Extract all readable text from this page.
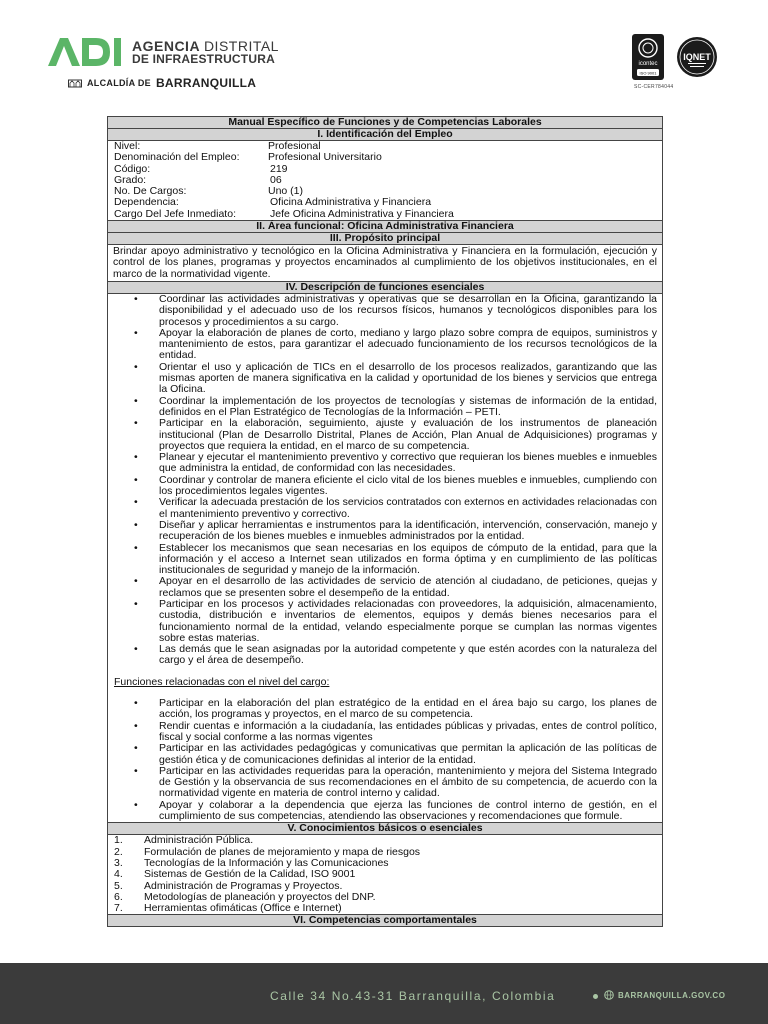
AGENCIA DISTRITAL
DE INFRAESTRUCTURA
ALCALDÍA DE BARRANQUILLA
icontec
ISO 9001
IQNET
SC-CER784044
Manual Específico de Funciones y de Competencias Laborales
I. Identificación del Empleo
Nivel:	Profesional
Denominación del Empleo:	Profesional Universitario
Código:	219
Grado:	06
No. De Cargos:	Uno (1)
Dependencia:	Oficina Administrativa y Financiera
Cargo Del Jefe Inmediato:	Jefe Oficina Administrativa y Financiera
II. Área funcional: Oficina Administrativa Financiera
III. Propósito principal
Brindar apoyo administrativo y tecnológico en la Oficina Administrativa y Financiera en la formulación, ejecución y control de los planes, programas y proyectos encaminados al cumplimiento de los objetivos institucionales, en el marco de la normatividad vigente.
IV. Descripción de funciones esenciales
• Coordinar las actividades administrativas y operativas que se desarrollan en la Oficina, garantizando la disponibilidad y el adecuado uso de los recursos físicos, humanos y tecnológicos disponibles para los procesos y procedimientos a su cargo.
• Apoyar la elaboración de planes de corto, mediano y largo plazo sobre compra de equipos, suministros y mantenimiento de estos, para garantizar el adecuado funcionamiento de los recursos tecnológicos de la entidad.
• Orientar el uso y aplicación de TICs en el desarrollo de los procesos realizados, garantizando que las mismas aporten de manera significativa en la calidad y oportunidad de los bienes y servicios que entrega la Oficina.
• Coordinar la implementación de los proyectos de tecnologías y sistemas de información de la entidad, definidos en el Plan Estratégico de Tecnologías de la Información – PETI.
• Participar en la elaboración, seguimiento, ajuste y evaluación de los instrumentos de planeación institucional (Plan de Desarrollo Distrital, Planes de Acción, Plan Anual de Adquisiciones) programas y proyectos que requiera la entidad, en el marco de su competencia.
• Planear y ejecutar el mantenimiento preventivo y correctivo que requieran los bienes muebles e inmuebles que administra la entidad, de conformidad con las necesidades.
• Coordinar y controlar de manera eficiente el ciclo vital de los bienes muebles e inmuebles, cumpliendo con los procedimientos legales vigentes.
• Verificar la adecuada prestación de los servicios contratados con externos en actividades relacionadas con el mantenimiento preventivo y correctivo.
• Diseñar y aplicar herramientas e instrumentos para la identificación, intervención, conservación, manejo y recuperación de los bienes muebles e inmuebles administrados por la entidad.
• Establecer los mecanismos que sean necesarias en los equipos de cómputo de la entidad, para que la información y el acceso a Internet sean utilizados en forma óptima y en cumplimiento de las políticas institucionales de seguridad y manejo de la información.
• Apoyar en el desarrollo de las actividades de servicio de atención al ciudadano, de peticiones, quejas y reclamos que se presenten sobre el desempeño de la entidad.
• Participar en los procesos y actividades relacionadas con proveedores, la adquisición, almacenamiento, custodia, distribución e inventarios de elementos, equipos y demás bienes necesarios para el funcionamiento normal de la entidad, velando especialmente porque se cumplan las normas vigentes sobre estas materias.
• Las demás que le sean asignadas por la autoridad competente y que estén acordes con la naturaleza del cargo y el área de desempeño.
Funciones relacionadas con el nivel del cargo:
• Participar en la elaboración del plan estratégico de la entidad en el área bajo su cargo, los planes de acción, los programas y proyectos, en el marco de su competencia.
• Rendir cuentas e información a la ciudadanía, las entidades públicas y privadas, entes de control político, fiscal y social conforme a las normas vigentes
• Participar en las actividades pedagógicas y comunicativas que permitan la aplicación de las políticas de gestión ética y de comunicaciones definidas al interior de la entidad.
• Participar en las actividades requeridas para la operación, mantenimiento y mejora del Sistema Integrado de Gestión y la observancia de sus recomendaciones en el ámbito de su competencia, de acuerdo con la normatividad vigente en materia de control interno y calidad.
• Apoyar y colaborar a la dependencia que ejerza las funciones de control interno de gestión, en el cumplimiento de sus competencias, atendiendo las observaciones y recomendaciones que formule.
V. Conocimientos básicos o esenciales
1. Administración Pública.
2. Formulación de planes de mejoramiento y mapa de riesgos
3. Tecnologías de la Información y las Comunicaciones
4. Sistemas de Gestión de la Calidad, ISO 9001
5. Administración de Programas y Proyectos.
6. Metodologías de planeación y proyectos del DNP.
7. Herramientas ofimáticas (Office e Internet)
VI. Competencias comportamentales
Calle 34 No.43-31 Barranquilla, Colombia	BARRANQUILLA.GOV.CO
